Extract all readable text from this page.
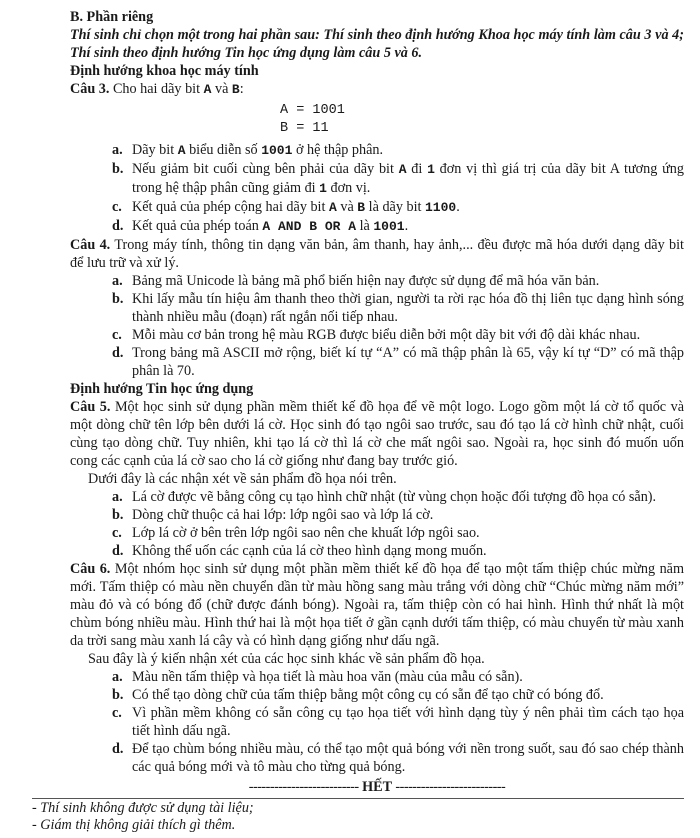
B. Phần riêng

Thí sinh chỉ chọn một trong hai phần sau: Thí sinh theo định hướng Khoa học máy tính làm câu 3 và 4; Thí sinh theo định hướng Tin học ứng dụng làm câu 5 và 6.

Định hướng khoa học máy tính

Câu 3. Cho hai dãy bit A và B:

A = 1001
B = 11
a. Dãy bit A biểu diễn số 1001 ở hệ thập phân.
b. Nếu giảm bit cuối cùng bên phải của dãy bit A đi 1 đơn vị thì giá trị của dãy bit A tương ứng trong hệ thập phân cũng giảm đi 1 đơn vị.
c. Kết quả của phép cộng hai dãy bit A và B là dãy bit 1100.
d. Kết quả của phép toán A AND B OR A là 1001.

Câu 4. Trong máy tính, thông tin dạng văn bản, âm thanh, hay ảnh,... đều được mã hóa dưới dạng dãy bit để lưu trữ và xử lý.

a. Bảng mã Unicode là bảng mã phổ biến hiện nay được sử dụng để mã hóa văn bản.
b. Khi lấy mẫu tín hiệu âm thanh theo thời gian, người ta rời rạc hóa đồ thị liên tục dạng hình sóng thành nhiều mẫu (đoạn) rất ngắn nối tiếp nhau.
c. Mỗi màu cơ bản trong hệ màu RGB được biểu diễn bởi một dãy bit với độ dài khác nhau.
d. Trong bảng mã ASCII mở rộng, biết kí tự “A” có mã thập phân là 65, vậy kí tự “D” có mã thập phân là 70.

Định hướng Tin học ứng dụng

Câu 5. Một học sinh sử dụng phần mềm thiết kế đồ họa để vẽ một logo. Logo gồm một lá cờ tổ quốc và một dòng chữ tên lớp bên dưới lá cờ. Học sinh đó tạo ngôi sao trước, sau đó tạo lá cờ hình chữ nhật, cuối cùng tạo dòng chữ. Tuy nhiên, khi tạo lá cờ thì lá cờ che mất ngôi sao. Ngoài ra, học sinh đó muốn uốn cong các cạnh của lá cờ sao cho lá cờ giống như đang bay trước gió.

Dưới đây là các nhận xét về sản phẩm đồ họa nói trên.

a. Lá cờ được vẽ bằng công cụ tạo hình chữ nhật (từ vùng chọn hoặc đối tượng đồ họa có sẵn).
b. Dòng chữ thuộc cả hai lớp: lớp ngôi sao và lớp lá cờ.
c. Lớp lá cờ ở bên trên lớp ngôi sao nên che khuất lớp ngôi sao.
d. Không thể uốn các cạnh của lá cờ theo hình dạng mong muốn.

Câu 6. Một nhóm học sinh sử dụng một phần mềm thiết kế đồ họa để tạo một tấm thiệp chúc mừng năm mới. Tấm thiệp có màu nền chuyển dần từ màu hồng sang màu trắng với dòng chữ “Chúc mừng năm mới” màu đỏ và có bóng đổ (chữ được đánh bóng). Ngoài ra, tấm thiệp còn có hai hình. Hình thứ nhất là một chùm bóng nhiều màu. Hình thứ hai là một họa tiết ở gần cạnh dưới tấm thiệp, có màu chuyển từ màu xanh da trời sang màu xanh lá cây và có hình dạng giống như dấu ngã.

Sau đây là ý kiến nhận xét của các học sinh khác về sản phẩm đồ họa.

a. Màu nền tấm thiệp và họa tiết là màu hoa văn (màu của mẫu có sẵn).
b. Có thể tạo dòng chữ của tấm thiệp bằng một công cụ có sẵn để tạo chữ có bóng đổ.
c. Vì phần mềm không có sẵn công cụ tạo họa tiết với hình dạng tùy ý nên phải tìm cách tạo họa tiết hình dấu ngã.
d. Để tạo chùm bóng nhiều màu, có thể tạo một quả bóng với nền trong suốt, sau đó sao chép thành các quả bóng mới và tô màu cho từng quả bóng.

-------------------------- HẾT --------------------------

- Thí sinh không được sử dụng tài liệu;
- Giám thị không giải thích gì thêm.
